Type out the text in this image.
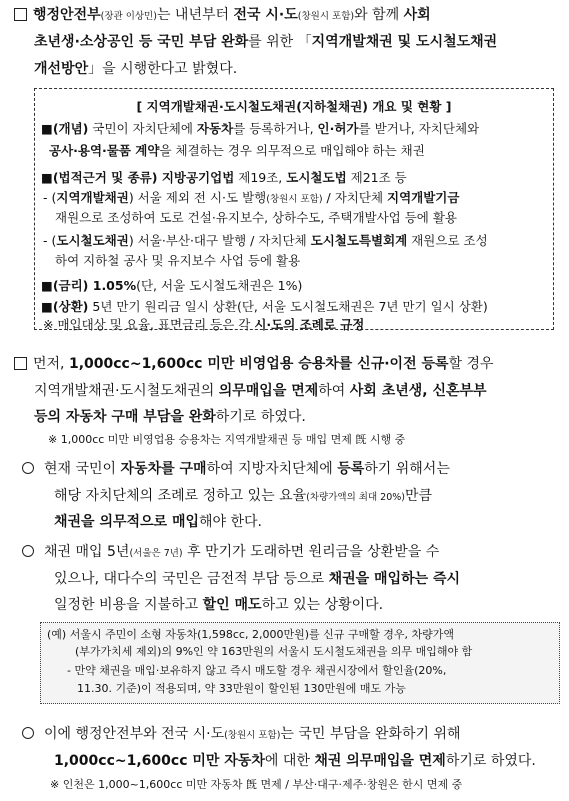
행정안전부(장관 이상민)는 내년부터 전국 시·도(창원시 포함)와 함께 사회
초년생·소상공인 등 국민 부담 완화를 위한 「지역개발채권 및 도시철도채권
개선방안」을 시행한다고 밝혔다.
[ 지역개발채권·도시철도채권(지하철채권) 개요 및 현황 ]
■(개념) 국민이 자치단체에 자동차를 등록하거나, 인·허가를 받거나, 자치단체와
공사·용역·물품 계약을 체결하는 경우 의무적으로 매입해야 하는 채권
■(법적근거 및 종류) 지방공기업법 제19조, 도시철도법 제21조 등
- (지역개발채권) 서울 제외 전 시·도 발행(창원시 포함) / 자치단체 지역개발기금
재원으로 조성하여 도로 건설·유지보수, 상하수도, 주택개발사업 등에 활용
- (도시철도채권) 서울·부산·대구 발행 / 자치단체 도시철도특별회계 재원으로 조성
하여 지하철 공사 및 유지보수 사업 등에 활용
■(금리) 1.05%(단, 서울 도시철도채권은 1%)
■(상환) 5년 만기 원리금 일시 상환(단, 서울 도시철도채권은 7년 만기 일시 상환)
※ 매입대상 및 요율, 표면금리 등은 각 시·도의 조례로 규정
먼저, 1,000cc~1,600cc 미만 비영업용 승용차를 신규·이전 등록할 경우
지역개발채권·도시철도채권의 의무매입을 면제하여 사회 초년생, 신혼부부
등의 자동차 구매 부담을 완화하기로 하였다.
※ 1,000cc 미만 비영업용 승용차는 지역개발채권 등 매입 면제 旣 시행 중
현재 국민이 자동차를 구매하여 지방자치단체에 등록하기 위해서는
해당 자치단체의 조례로 정하고 있는 요율(차량가액의 최대 20%)만큼
채권을 의무적으로 매입해야 한다.
채권 매입 5년(서울은 7년) 후 만기가 도래하면 원리금을 상환받을 수
있으나, 대다수의 국민은 금전적 부담 등으로 채권을 매입하는 즉시
일정한 비용을 지불하고 할인 매도하고 있는 상황이다.
(예) 서울시 주민이 소형 자동차(1,598cc, 2,000만원)를 신규 구매할 경우, 차량가액
(부가가치세 제외)의 9%인 약 163만원의 서울시 도시철도채권을 의무 매입해야 함
- 만약 채권을 매입·보유하지 않고 즉시 매도할 경우 채권시장에서 할인율(20%,
11.30. 기준)이 적용되며, 약 33만원이 할인된 130만원에 매도 가능
이에 행정안전부와 전국 시·도(창원시 포함)는 국민 부담을 완화하기 위해
1,000cc~1,600cc 미만 자동차에 대한 채권 의무매입을 면제하기로 하였다.
※ 인천은 1,000~1,600cc 미만 자동차 旣 면제 / 부산·대구·제주·창원은 한시 면제 중
